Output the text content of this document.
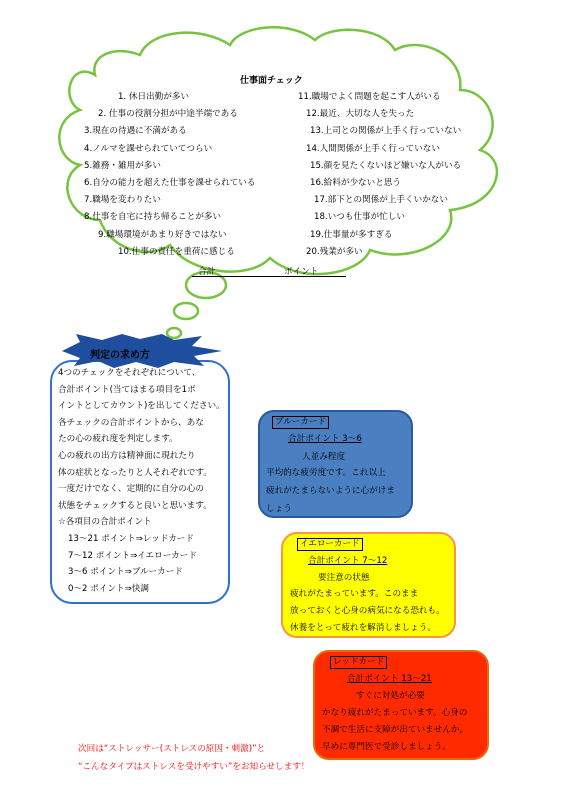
仕事面チェック
1. 休日出勤が多い
2. 仕事の役割分担が中途半端である
3.現在の待遇に不満がある
4.ノルマを課せられていてつらい
5.雑務・雑用が多い
6.自分の能力を超えた仕事を課せられている
7.職場を変わりたい
8.仕事を自宅に持ち帰ることが多い
9.職場環境があまり好きではない
10.仕事の責任を重荷に感じる
11.職場でよく問題を起こす人がいる
12.最近、大切な人を失った
13.上司との関係が上手く行っていない
14.人間関係が上手く行っていない
15.顔を見たくないほど嫌いな人がいる
16.給料が少ないと思う
17.部下との関係が上手くいかない
18.いつも仕事が忙しい
19.仕事量が多すぎる
20.残業が多い
合計	ポイント
判定の求め方
4つのチェックをそれぞれについて、
合計ポイント(当てはまる項目を1ポ
イントとしてカウント)を出してください。
各チェックの合計ポイントから、あな
たの心の疲れ度を判定します。
心の疲れの出方は精神面に現れたり
体の症状となったりと人それぞれです。
一度だけでなく、定期的に自分の心の
状態をチェックすると良いと思います。
☆各項目の合計ポイント
13～21 ポイント⇒レッドカード
7～12 ポイント⇒イエローカード
3～6 ポイント⇒ブルーカード
0～2 ポイント⇒快調
ブルーカード
合計ポイント 3～6
人並み程度
平均的な疲労度です。これ以上
疲れがたまらないように心がけま
しょう
イエローカード
合計ポイント 7～12
要注意の状態
疲れがたまっています。このまま
放っておくと心身の病気になる恐れも。
休養をとって疲れを解消しましょう。
レッドカード
合計ポイント 13～21
すぐに対処が必要
かなり疲れがたまっています。心身の
不調で生活に支障が出ていませんか。
早めに専門医で受診しましょう。
次回は“ストレッサー(ストレスの原因・刺激)”と
“こんなタイプはストレスを受けやすい”をお知らせします！
